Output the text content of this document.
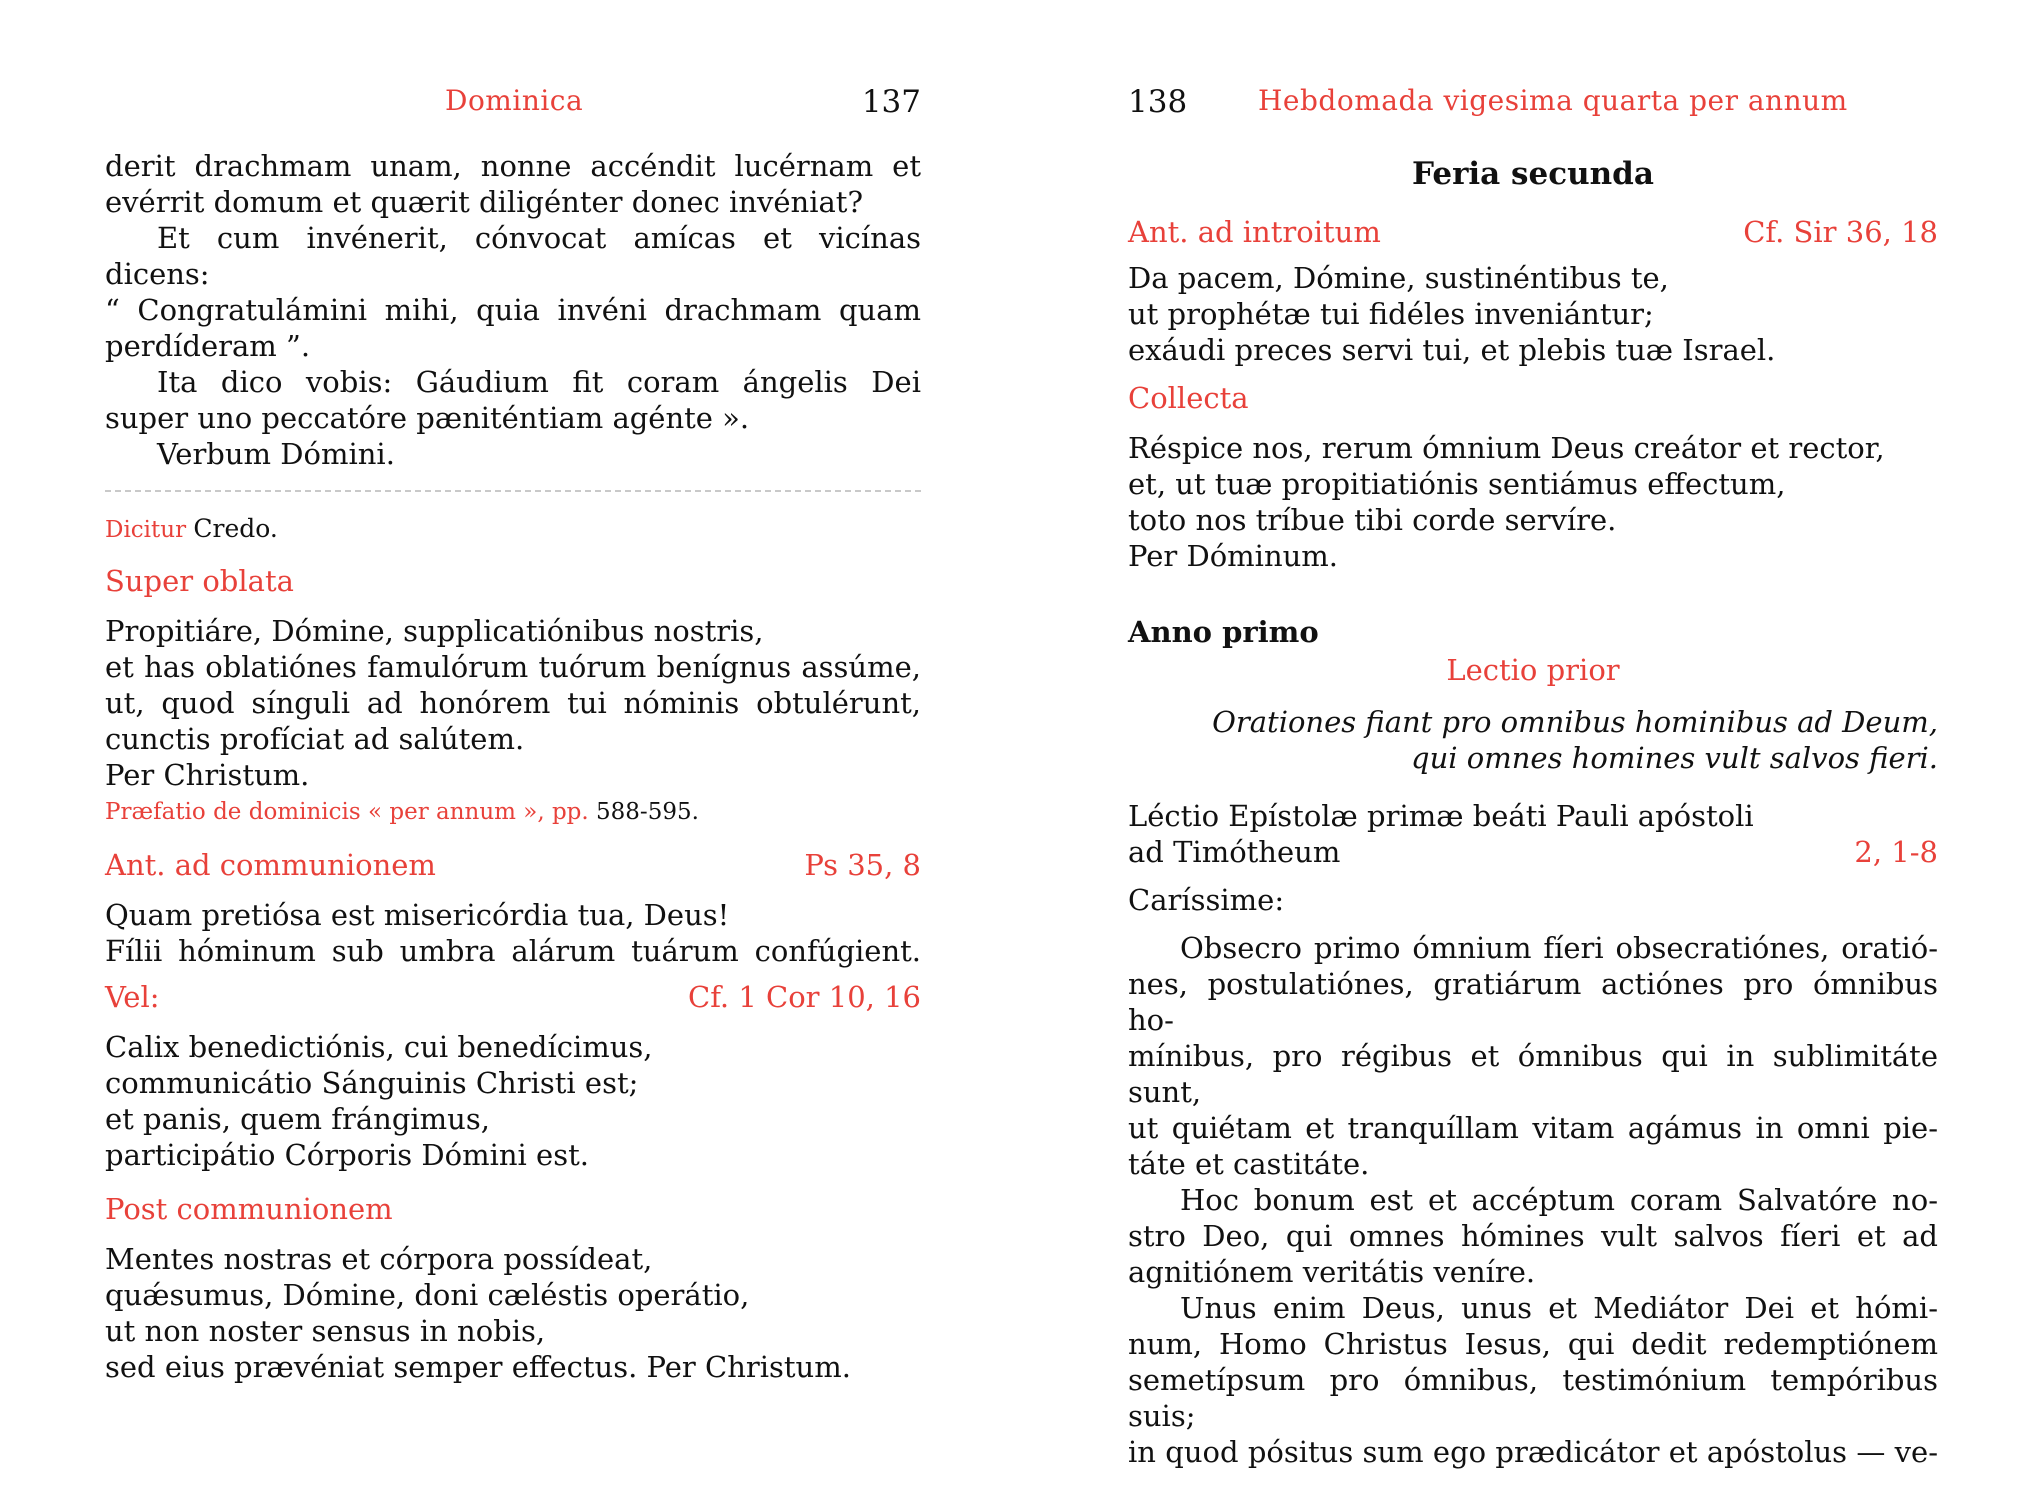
Dominica	137

derit drachmam unam, nonne accéndit lucérnam et

evérrit domum et quærit diligénter donec invéniat?

Et cum invénerit, cónvocat amícas et vicínas dicens:

“ Congratulámini mihi, quia invéni drachmam quam

perdíderam ”.

Ita dico vobis: Gáudium fit coram ángelis Dei

super uno peccatóre pæniténtiam agénte ».

Verbum Dómini.

Dicitur Credo.

Super oblata

Propitiáre, Dómine, supplicatiónibus nostris,

et has oblatiónes famulórum tuórum benígnus assúme,

ut, quod sínguli ad honórem tui nóminis obtulérunt,

cunctis profíciat ad salútem.

Per Christum.

Præfatio de dominicis « per annum », pp. 588-595.

Ant. ad communionem	Ps 35, 8

Quam pretiósa est misericórdia tua, Deus!

Fílii hóminum sub umbra alárum tuárum confúgient.

Vel:	Cf. 1 Cor 10, 16

Calix benedictiónis, cui benedícimus,

communicátio Sánguinis Christi est;

et panis, quem frángimus,

participátio Córporis Dómini est.

Post communionem

Mentes nostras et córpora possídeat,

quǽsumus, Dómine, doni cæléstis operátio,

ut non noster sensus in nobis,

sed eius prævéniat semper effectus. Per Christum.

138	Hebdomada vigesima quarta per annum

Feria secunda

Ant. ad introitum	Cf. Sir 36, 18

Da pacem, Dómine, sustinéntibus te,

ut prophétæ tui fidéles inveniántur;

exáudi preces servi tui, et plebis tuæ Israel.

Collecta

Réspice nos, rerum ómnium Deus creátor et rector,

et, ut tuæ propitiatiónis sentiámus effectum,

toto nos tríbue tibi corde servíre.

Per Dóminum.

Anno primo

Lectio prior

Orationes fiant pro omnibus hominibus ad Deum,

qui omnes homines vult salvos fieri.

Léctio Epístolæ primæ beáti Pauli apóstoli

ad Timótheum	2, 1-8

Caríssime:

Obsecro primo ómnium fíeri obsecratiónes, oratió-

nes, postulatiónes, gratiárum actiónes pro ómnibus ho-

mínibus, pro régibus et ómnibus qui in sublimitáte sunt,

ut quiétam et tranquíllam vitam agámus in omni pie-

táte et castitáte.

Hoc bonum est et accéptum coram Salvatóre no-

stro Deo, qui omnes hómines vult salvos fíeri et ad

agnitiónem veritátis veníre.

Unus enim Deus, unus et Mediátor Dei et hómi-

num, Homo Christus Iesus, qui dedit redemptiónem

semetípsum pro ómnibus, testimónium tempóribus suis;

in quod pósitus sum ego prædicátor et apóstolus — ve-
